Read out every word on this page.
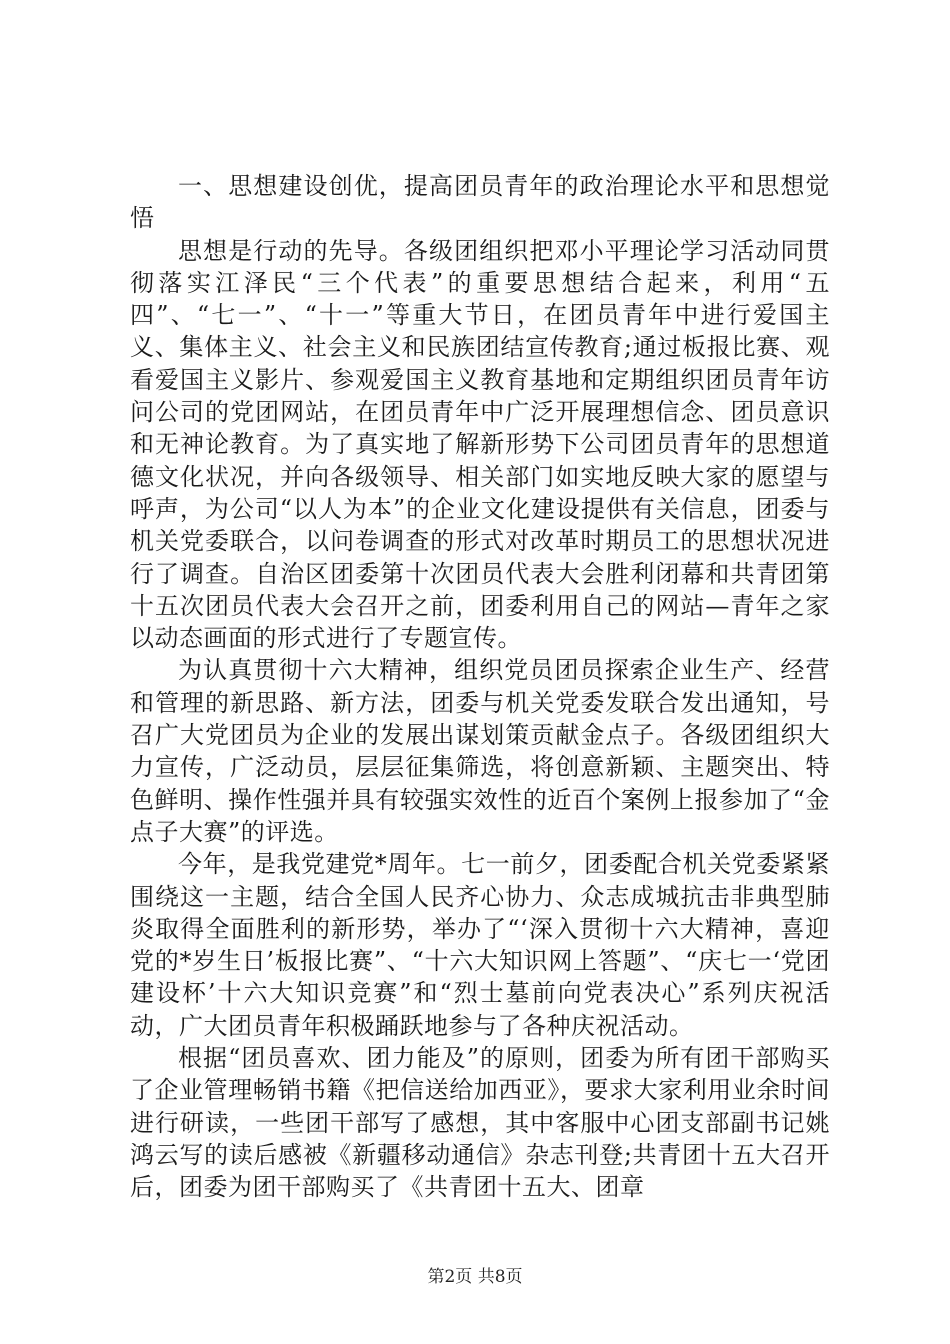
一、思想建设创优，提高团员青年的政治理论水平和思想觉悟

思想是行动的先导。各级团组织把邓小平理论学习活动同贯彻落实江泽民“三个代表”的重要思想结合起来，利用“五四”、“七一”、“十一”等重大节日，在团员青年中进行爱国主义、集体主义、社会主义和民族团结宣传教育;通过板报比赛、观看爱国主义影片、参观爱国主义教育基地和定期组织团员青年访问公司的党团网站，在团员青年中广泛开展理想信念、团员意识和无神论教育。为了真实地了解新形势下公司团员青年的思想道德文化状况，并向各级领导、相关部门如实地反映大家的愿望与呼声，为公司“以人为本”的企业文化建设提供有关信息，团委与机关党委联合，以问卷调查的形式对改革时期员工的思想状况进行了调查。自治区团委第十次团员代表大会胜利闭幕和共青团第十五次团员代表大会召开之前，团委利用自己的网站—青年之家以动态画面的形式进行了专题宣传。

为认真贯彻十六大精神，组织党员团员探索企业生产、经营和管理的新思路、新方法，团委与机关党委发联合发出通知，号召广大党团员为企业的发展出谋划策贡献金点子。各级团组织大力宣传，广泛动员，层层征集筛选，将创意新颖、主题突出、特色鲜明、操作性强并具有较强实效性的近百个案例上报参加了“金点子大赛”的评选。

今年，是我党建党*周年。七一前夕，团委配合机关党委紧紧围绕这一主题，结合全国人民齐心协力、众志成城抗击非典型肺炎取得全面胜利的新形势，举办了“‘深入贯彻十六大精神，喜迎党的*岁生日’板报比赛”、“十六大知识网上答题”、“庆七一‘党团建设杯’十六大知识竞赛”和“烈士墓前向党表决心”系列庆祝活动，广大团员青年积极踊跃地参与了各种庆祝活动。

根据“团员喜欢、团力能及”的原则，团委为所有团干部购买了企业管理畅销书籍《把信送给加西亚》，要求大家利用业余时间进行研读，一些团干部写了感想，其中客服中心团支部副书记姚鸿云写的读后感被《新疆移动通信》杂志刊登;共青团十五大召开后，团委为团干部购买了《共青团十五大、团章

第2页 共8页
